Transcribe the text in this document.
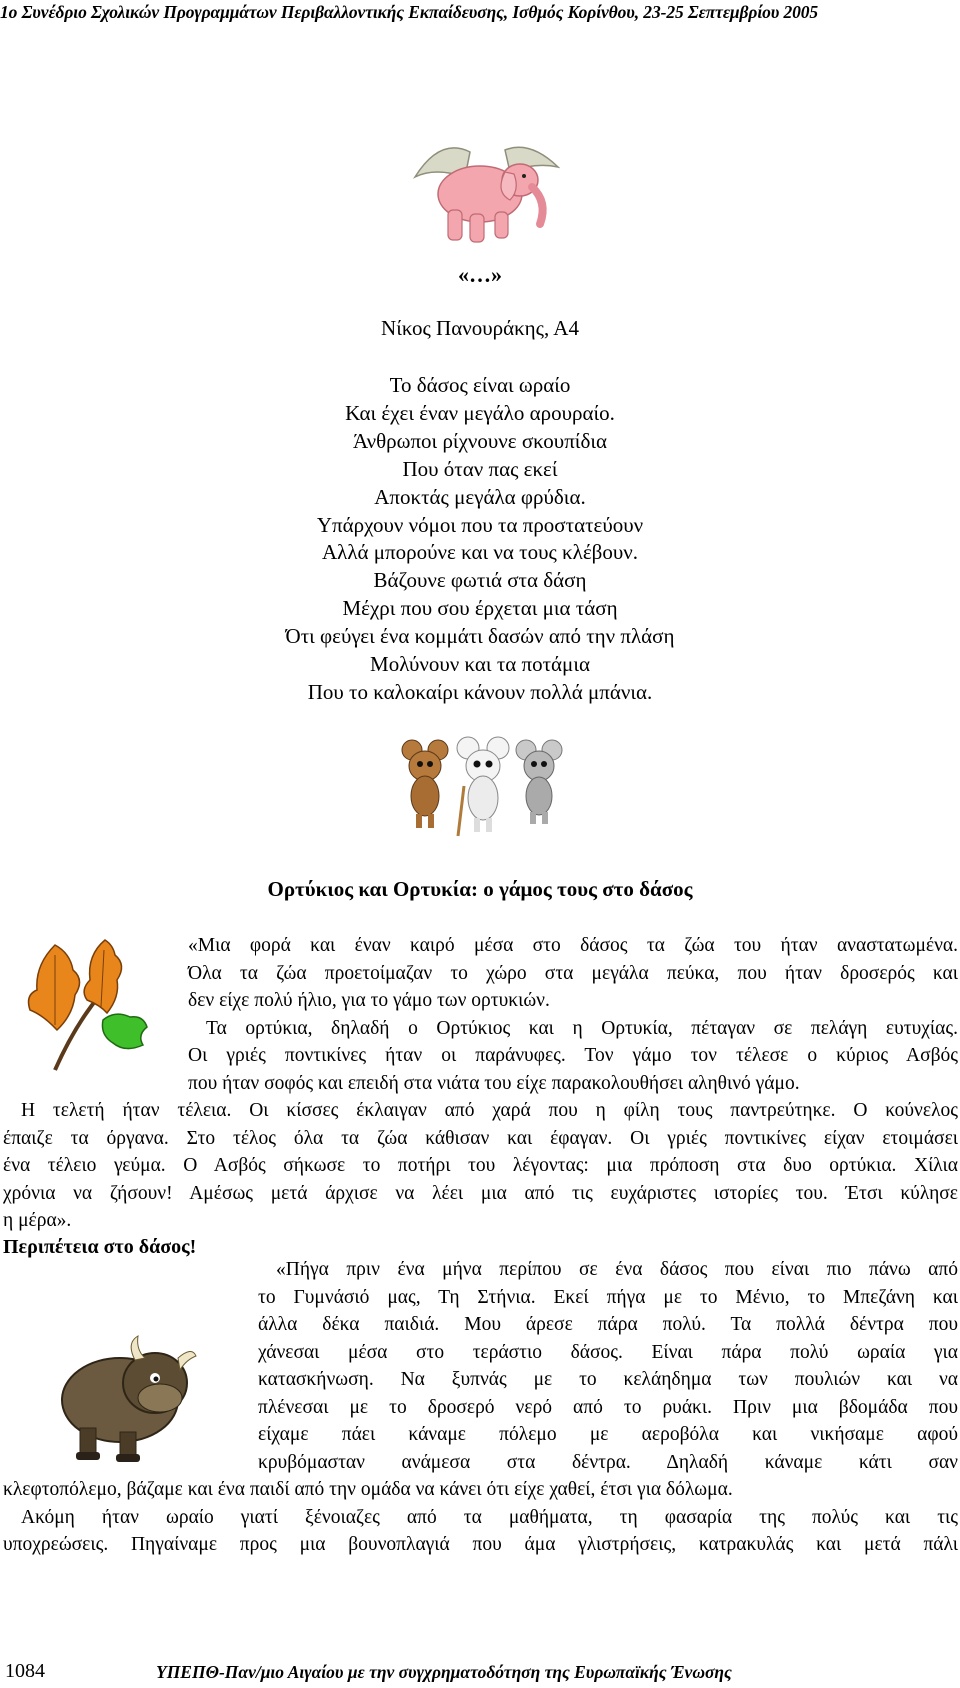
1ο Συνέδριο Σχολικών Προγραμμάτων Περιβαλλοντικής Εκπαίδευσης, Ισθμός Κορίνθου, 23-25 Σεπτεμβρίου 2005
«…»
Νίκος Πανουράκης, Α4
Το δάσος είναι ωραίο
Και έχει έναν μεγάλο αρουραίο.
Άνθρωποι ρίχνουνε σκουπίδια
Που όταν πας εκεί
Αποκτάς μεγάλα φρύδια.
Υπάρχουν νόμοι που τα προστατεύουν
Αλλά μπορούνε και να τους κλέβουν.
Βάζουνε φωτιά στα δάση
Μέχρι που σου έρχεται μια τάση
Ότι φεύγει ένα κομμάτι δασών από την πλάση
Μολύνουν και τα ποτάμια
Που το καλοκαίρι κάνουν πολλά μπάνια.
Ορτύκιος και Ορτυκία: ο γάμος τους στο δάσος
«Μια φορά και έναν καιρό μέσα στο δάσος τα ζώα του ήταν αναστατωμένα.
Όλα τα ζώα προετοίμαζαν το χώρο στα μεγάλα πεύκα, που ήταν δροσερός και
δεν είχε πολύ ήλιο, για το γάμο των ορτυκιών.
Τα ορτύκια, δηλαδή ο Ορτύκιος και η Ορτυκία, πέταγαν σε πελάγη ευτυχίας.
Οι γριές ποντικίνες ήταν οι παράνυφες. Τον γάμο τον τέλεσε ο κύριος Ασβός
που ήταν σοφός και επειδή στα νιάτα του είχε παρακολουθήσει αληθινό γάμο.
Η τελετή ήταν τέλεια. Οι κίσσες έκλαιγαν από χαρά που η φίλη τους παντρεύτηκε. Ο κούνελος
έπαιζε τα όργανα. Στο τέλος όλα τα ζώα κάθισαν και έφαγαν. Οι γριές ποντικίνες είχαν ετοιμάσει
ένα τέλειο γεύμα. Ο Ασβός σήκωσε το ποτήρι του λέγοντας: μια πρόποση στα δυο ορτύκια. Χίλια
χρόνια να ζήσουν! Αμέσως μετά άρχισε να λέει μια από τις ευχάριστες ιστορίες του. Έτσι κύλησε
η μέρα».
Περιπέτεια στο δάσος!
«Πήγα πριν ένα μήνα περίπου σε ένα δάσος που είναι πιο πάνω από
το Γυμνάσιό μας, Τη Στήνια. Εκεί πήγα με το Μένιο, το Μπεζάνη και
άλλα δέκα παιδιά. Μου άρεσε πάρα πολύ. Τα πολλά δέντρα που
χάνεσαι μέσα στο τεράστιο δάσος. Είναι πάρα πολύ ωραία για
κατασκήνωση. Να ξυπνάς με το κελάηδημα των πουλιών και να
πλένεσαι με το δροσερό νερό από το ρυάκι. Πριν μια βδομάδα που
είχαμε πάει κάναμε πόλεμο με αεροβόλα και νικήσαμε αφού
κρυβόμασταν ανάμεσα στα δέντρα. Δηλαδή κάναμε κάτι σαν
κλεφτοπόλεμο, βάζαμε και ένα παιδί από την ομάδα να κάνει ότι είχε χαθεί, έτσι για δόλωμα.
Ακόμη ήταν ωραίο γιατί ξένοιαζες από τα μαθήματα, τη φασαρία της πολύς και τις
υποχρεώσεις. Πηγαίναμε προς μια βουνοπλαγιά που άμα γλιστρήσεις, κατρακυλάς και μετά πάλι
1084	ΥΠΕΠΘ-Παν/μιο Αιγαίου με την συγχρηματοδότηση της Ευρωπαϊκής Ένωσης
